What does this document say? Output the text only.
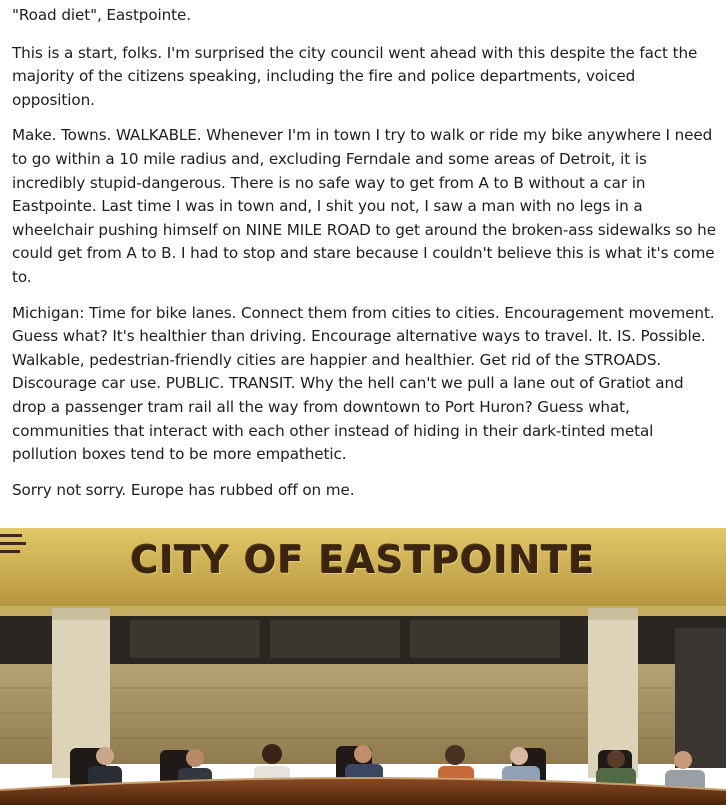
"Road diet", Eastpointe.

This is a start, folks. I'm surprised the city council went ahead with this despite the fact the majority of the citizens speaking, including the fire and police departments, voiced opposition.

Make. Towns. WALKABLE. Whenever I'm in town I try to walk or ride my bike anywhere I need to go within a 10 mile radius and, excluding Ferndale and some areas of Detroit, it is incredibly stupid-dangerous. There is no safe way to get from A to B without a car in Eastpointe. Last time I was in town and, I shit you not, I saw a man with no legs in a wheelchair pushing himself on NINE MILE ROAD to get around the broken-ass sidewalks so he could get from A to B. I had to stop and stare because I couldn't believe this is what it's come to.

Michigan: Time for bike lanes. Connect them from cities to cities. Encouragement movement. Guess what? It's healthier than driving. Encourage alternative ways to travel. It. IS. Possible. Walkable, pedestrian-friendly cities are happier and healthier. Get rid of the STROADS. Discourage car use. PUBLIC. TRANSIT. Why the hell can't we pull a lane out of Gratiot and drop a passenger tram rail all the way from downtown to Port Huron? Guess what, communities that interact with each other instead of hiding in their dark-tinted metal pollution boxes tend to be more empathetic.

Sorry not sorry. Europe has rubbed off on me.

CITY OF EASTPOINTE
